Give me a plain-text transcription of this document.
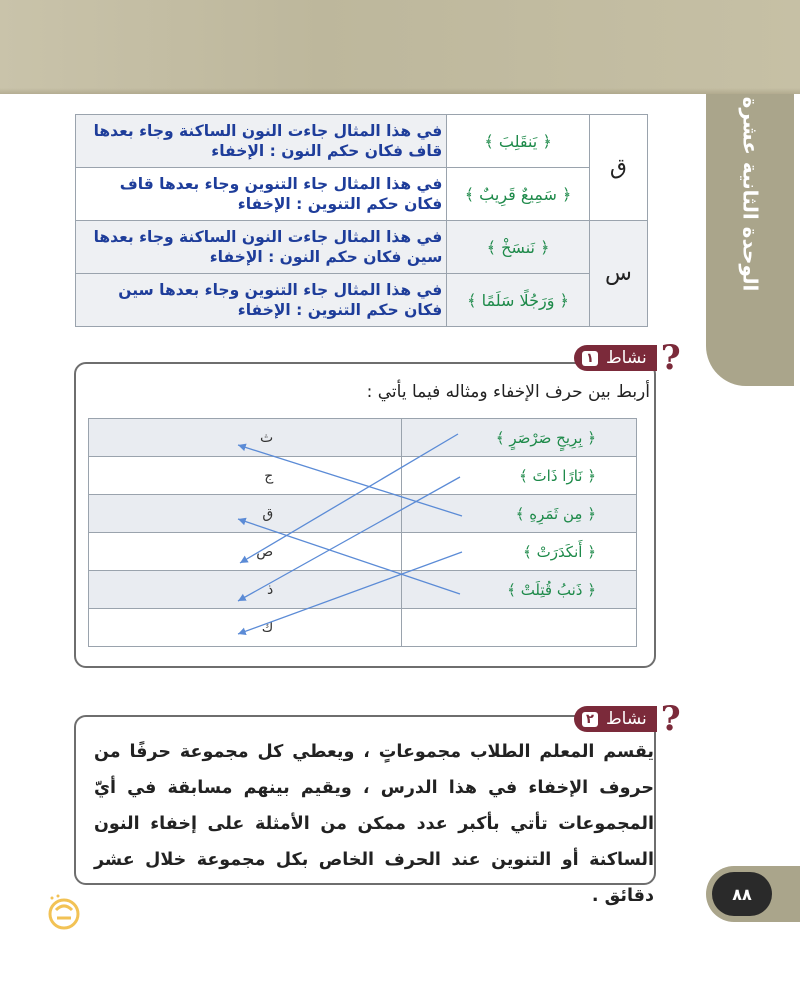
الوحدة الثانية عشرة
في هذا المثال جاءت النون الساكنة وجاء بعدها قاف فكان حكم النون : الإخفاء	﴿ يَنقَلِبَ ﴾	ق
في هذا المثال جاء التنوين وجاء بعدها قاف فكان حكم التنوين : الإخفاء	﴿ سَمِيعٌ قَرِيبٌ ﴾	
في هذا المثال جاءت النون الساكنة وجاء بعدها سين فكان حكم النون : الإخفاء	﴿ نَنسَخْ ﴾	س
في هذا المثال جاء التنوين وجاء بعدها سين فكان حكم التنوين : الإخفاء	﴿ وَرَجُلًا سَلَمًا ﴾	
?
نشاط
١
أربط بين حرف الإخفاء ومثاله فيما يأتي :
ث	﴿ بِرِيحٍ صَرْصَرٍ ﴾
ج	﴿ نَارًا ذَاتَ ﴾
ق	﴿ مِن ثَمَرِهِ ﴾
ص	﴿ أَنكَدَرَتْ ﴾
ذ	﴿ ذَنبُ قُتِلَتْ ﴾
ك	
?
نشاط
٢
يقسم المعلم الطلاب مجموعاتٍ ، ويعطي كل مجموعة حرفًا من حروف الإخفاء في هذا الدرس ، ويقيم بينهم مسابقة في أيّ المجموعات تأتي بأكبر عدد ممكن من الأمثلة على إخفاء النون الساكنة أو التنوين عند الحرف الخاص بكل مجموعة خلال عشر دقائق .	٨٨
